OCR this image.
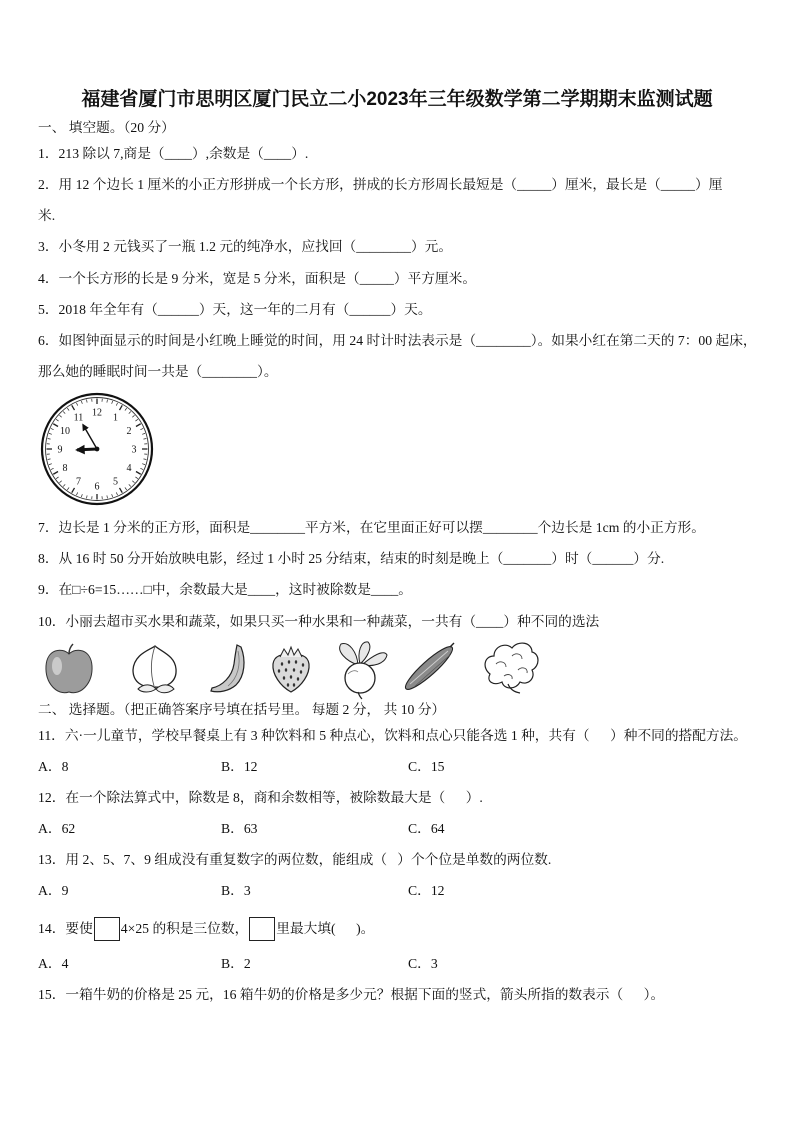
福建省厦门市思明区厦门民立二小2023年三年级数学第二学期期末监测试题
一、 填空题。（20 分）
1．213 除以 7,商是（____）,余数是（____）.
2．用 12 个边长 1 厘米的小正方形拼成一个长方形，拼成的长方形周长最短是（_____）厘米，最长是（_____）厘
米.
3．小冬用 2 元钱买了一瓶 1.2 元的纯净水，应找回（________）元。
4．一个长方形的长是 9 分米，宽是 5 分米，面积是（_____）平方厘米。
5．2018 年全年有（______）天，这一年的二月有（______）天。
6．如图钟面显示的时间是小红晚上睡觉的时间，用 24 时计时法表示是（________）。如果小红在第二天的 7：00 起床，
那么她的睡眠时间一共是（________）。
12 1
2
3
4
5
6
7
8
9
10
11
7．边长是 1 分米的正方形，面积是________平方米，在它里面正好可以摆________个边长是 1cm 的小正方形。
8．从 16 时 50 分开始放映电影，经过 1 小时 25 分结束，结束的时刻是晚上（_______）时（______）分.
9．在□÷6=15……□中，余数最大是____，这时被除数是____。
10．小丽去超市买水果和蔬菜，如果只买一种水果和一种蔬菜，一共有（____）种不同的选法
二、 选择题。（把正确答案序号填在括号里。 每题 2 分， 共 10 分）
11．六·一儿童节，学校早餐桌上有 3 种饮料和 5 种点心，饮料和点心只能各选 1 种，共有（      ）种不同的搭配方法。
A．8	B．12	C．15
12．在一个除法算式中，除数是 8，商和余数相等，被除数最大是（      ）.
A．62	B．63	C．64
13．用 2、5、7、9 组成没有重复数字的两位数，能组成（   ）个个位是单数的两位数.
A．9	B．3	C．12
14．要使 4×25 的积是三位数， 里最大填(      )。
A．4	B．2	C．3
15．一箱牛奶的价格是 25 元，16 箱牛奶的价格是多少元？根据下面的竖式，箭头所指的数表示（      ）。
